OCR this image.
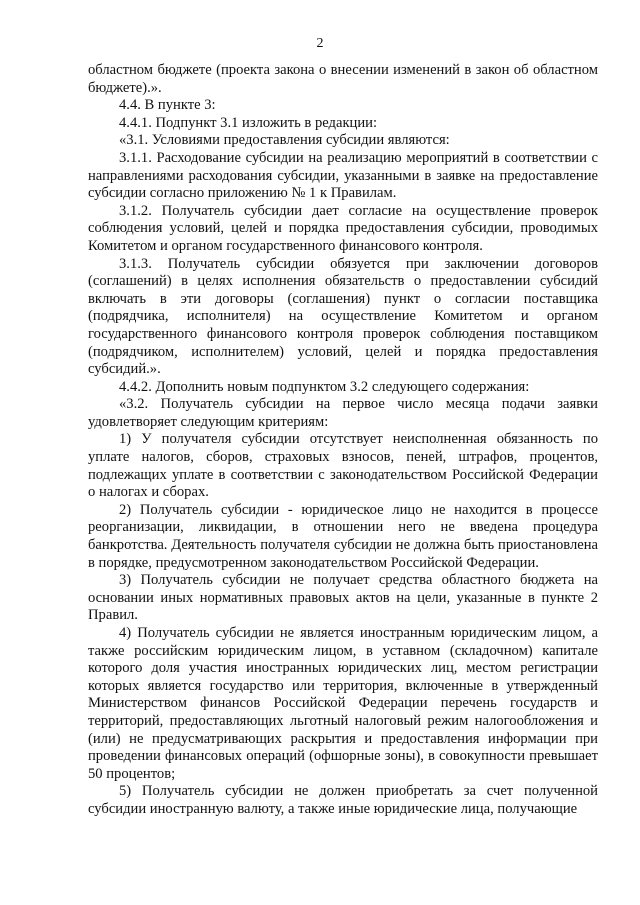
2

областном бюджете (проекта закона о внесении изменений в закон об областном бюджете).».

4.4. В пункте 3:

4.4.1. Подпункт 3.1 изложить в редакции:

«3.1. Условиями предоставления субсидии являются:

3.1.1. Расходование субсидии на реализацию мероприятий в соответствии с направлениями расходования субсидии, указанными в заявке на предоставление субсидии согласно приложению № 1 к Правилам.

3.1.2. Получатель субсидии дает согласие на осуществление проверок соблюдения условий, целей и порядка предоставления субсидии, проводимых Комитетом и органом государственного финансового контроля.

3.1.3. Получатель субсидии обязуется при заключении договоров (соглашений) в целях исполнения обязательств о предоставлении субсидий включать в эти договоры (соглашения) пункт о согласии поставщика (подрядчика, исполнителя) на осуществление Комитетом и органом государственного финансового контроля проверок соблюдения поставщиком (подрядчиком, исполнителем) условий, целей и порядка предоставления субсидий.».

4.4.2. Дополнить новым подпунктом 3.2 следующего содержания:

«3.2. Получатель субсидии на первое число месяца подачи заявки удовлетворяет следующим критериям:

1) У получателя субсидии отсутствует неисполненная обязанность по уплате налогов, сборов, страховых взносов, пеней, штрафов, процентов, подлежащих уплате в соответствии с законодательством Российской Федерации о налогах и сборах.

2) Получатель субсидии - юридическое лицо не находится в процессе реорганизации, ликвидации, в отношении него не введена процедура банкротства. Деятельность получателя субсидии не должна быть приостановлена в порядке, предусмотренном законодательством Российской Федерации.

3) Получатель субсидии не получает средства областного бюджета на основании иных нормативных правовых актов на цели, указанные в пункте 2 Правил.

4) Получатель субсидии не является иностранным юридическим лицом, а также российским юридическим лицом, в уставном (складочном) капитале которого доля участия иностранных юридических лиц, местом регистрации которых является государство или территория, включенные в утвержденный Министерством финансов Российской Федерации перечень государств и территорий, предоставляющих льготный налоговый режим налогообложения и (или) не предусматривающих раскрытия и предоставления информации при проведении финансовых операций (офшорные зоны), в совокупности превышает 50 процентов;

5) Получатель субсидии не должен приобретать за счет полученной субсидии иностранную валюту, а также иные юридические лица, получающие
